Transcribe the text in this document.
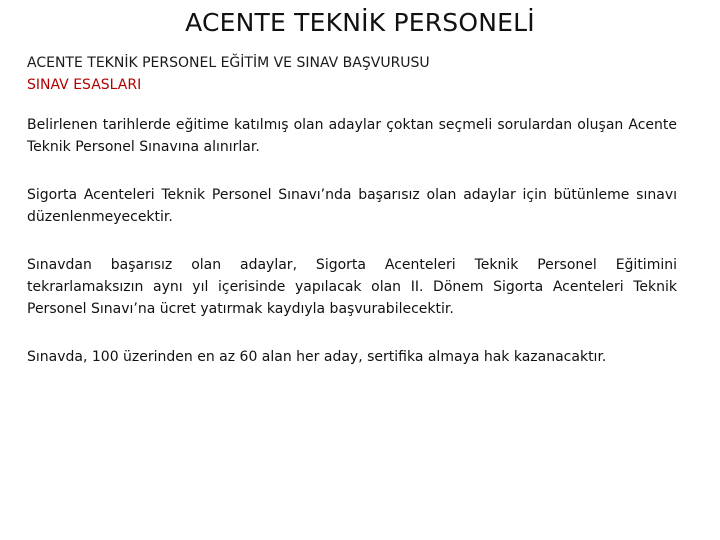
ACENTE TEKNİK PERSONELİ

ACENTE TEKNİK PERSONEL EĞİTİM VE SINAV BAŞVURUSU

SINAV ESASLARI

Belirlenen tarihlerde eğitime katılmış olan adaylar çoktan seçmeli sorulardan oluşan Acente Teknik Personel Sınavına alınırlar.

Sigorta Acenteleri Teknik Personel Sınavı’nda başarısız olan adaylar için bütünleme sınavı düzenlenmeyecektir.

Sınavdan başarısız olan adaylar, Sigorta Acenteleri Teknik Personel Eğitimini tekrarlamaksızın aynı yıl içerisinde yapılacak olan II. Dönem Sigorta Acenteleri Teknik Personel Sınavı’na ücret yatırmak kaydıyla başvurabilecektir.

Sınavda, 100 üzerinden en az 60 alan her aday, sertifika almaya hak kazanacaktır.
